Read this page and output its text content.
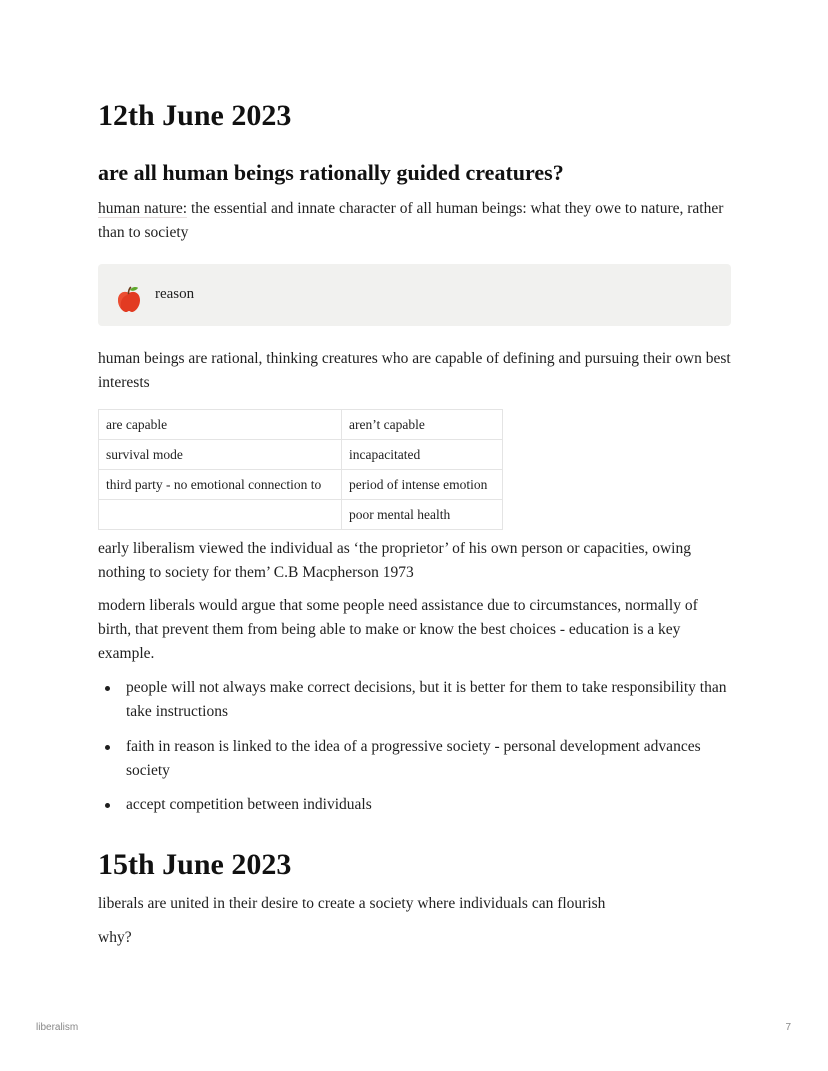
12th June 2023
are all human beings rationally guided creatures?

human nature: the essential and innate character of all human beings: what they owe to nature, rather than to society

reason

human beings are rational, thinking creatures who are capable of defining and pursuing their own best interests

are capable	aren’t capable
survival mode	incapacitated
third party - no emotional connection to	period of intense emotion
	poor mental health

early liberalism viewed the individual as ‘the proprietor’ of his own person or capacities, owing nothing to society for them’ C.B Macpherson 1973

modern liberals would argue that some people need assistance due to circumstances, normally of birth, that prevent them from being able to make or know the best choices - education is a key example.

people will not always make correct decisions, but it is better for them to take responsibility than take instructions
faith in reason is linked to the idea of a progressive society - personal development advances society
accept competition between individuals
15th June 2023

liberals are united in their desire to create a society where individuals can flourish

why?

liberalism	7
